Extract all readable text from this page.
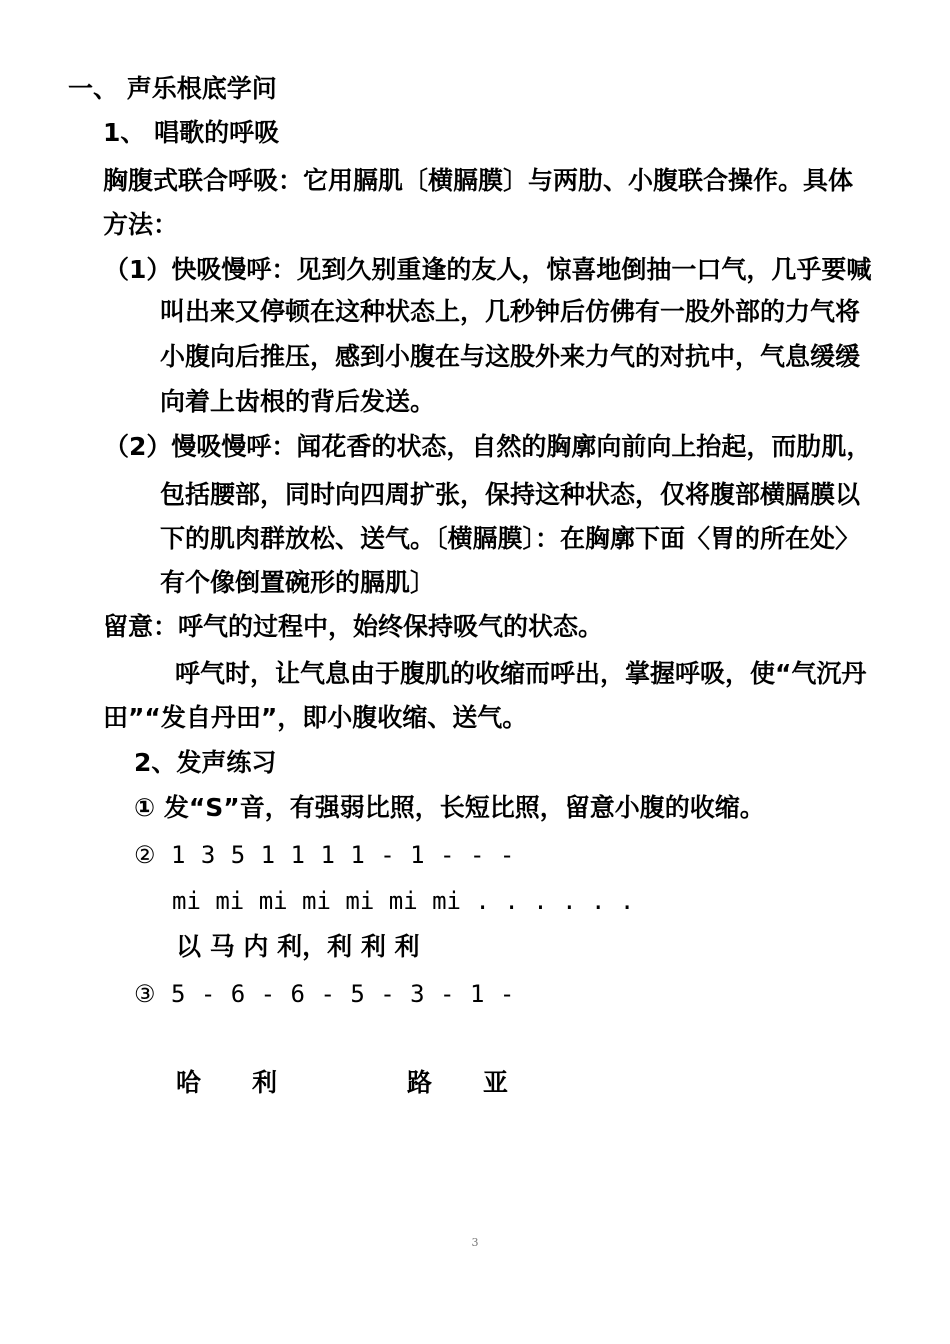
一、 声乐根底学问
1、 唱歌的呼吸
胸腹式联合呼吸：它用膈肌〔横膈膜〕与两肋、小腹联合操作。具体
方法：
（1）快吸慢呼：见到久别重逢的友人，惊喜地倒抽一口气，几乎要喊
叫出来又停顿在这种状态上，几秒钟后仿佛有一股外部的力气将
小腹向后推压，感到小腹在与这股外来力气的对抗中，气息缓缓
向着上齿根的背后发送。
（2）慢吸慢呼：闻花香的状态，自然的胸廓向前向上抬起，而肋肌，
包括腰部，同时向四周扩张，保持这种状态，仅将腹部横膈膜以
下的肌肉群放松、送气。〔横膈膜〕：在胸廓下面〈胃的所在处〉
有个像倒置碗形的膈肌〕
留意：呼气的过程中，始终保持吸气的状态。
呼气时，让气息由于腹肌的收缩而呼出，掌握呼吸，使“气沉丹
田”“发自丹田”，即小腹收缩、送气。
2、发声练习
① 发“S”音，有强弱比照，长短比照，留意小腹的收缩。
② 1 3 5 1 1 1 1 - 1 - - -
mi mi mi mi mi mi mi . . . . . .
以 马 内 利，利 利 利
③ 5 - 6 - 6 - 5 - 3 - 1 -
哈 利	路 亚
3
